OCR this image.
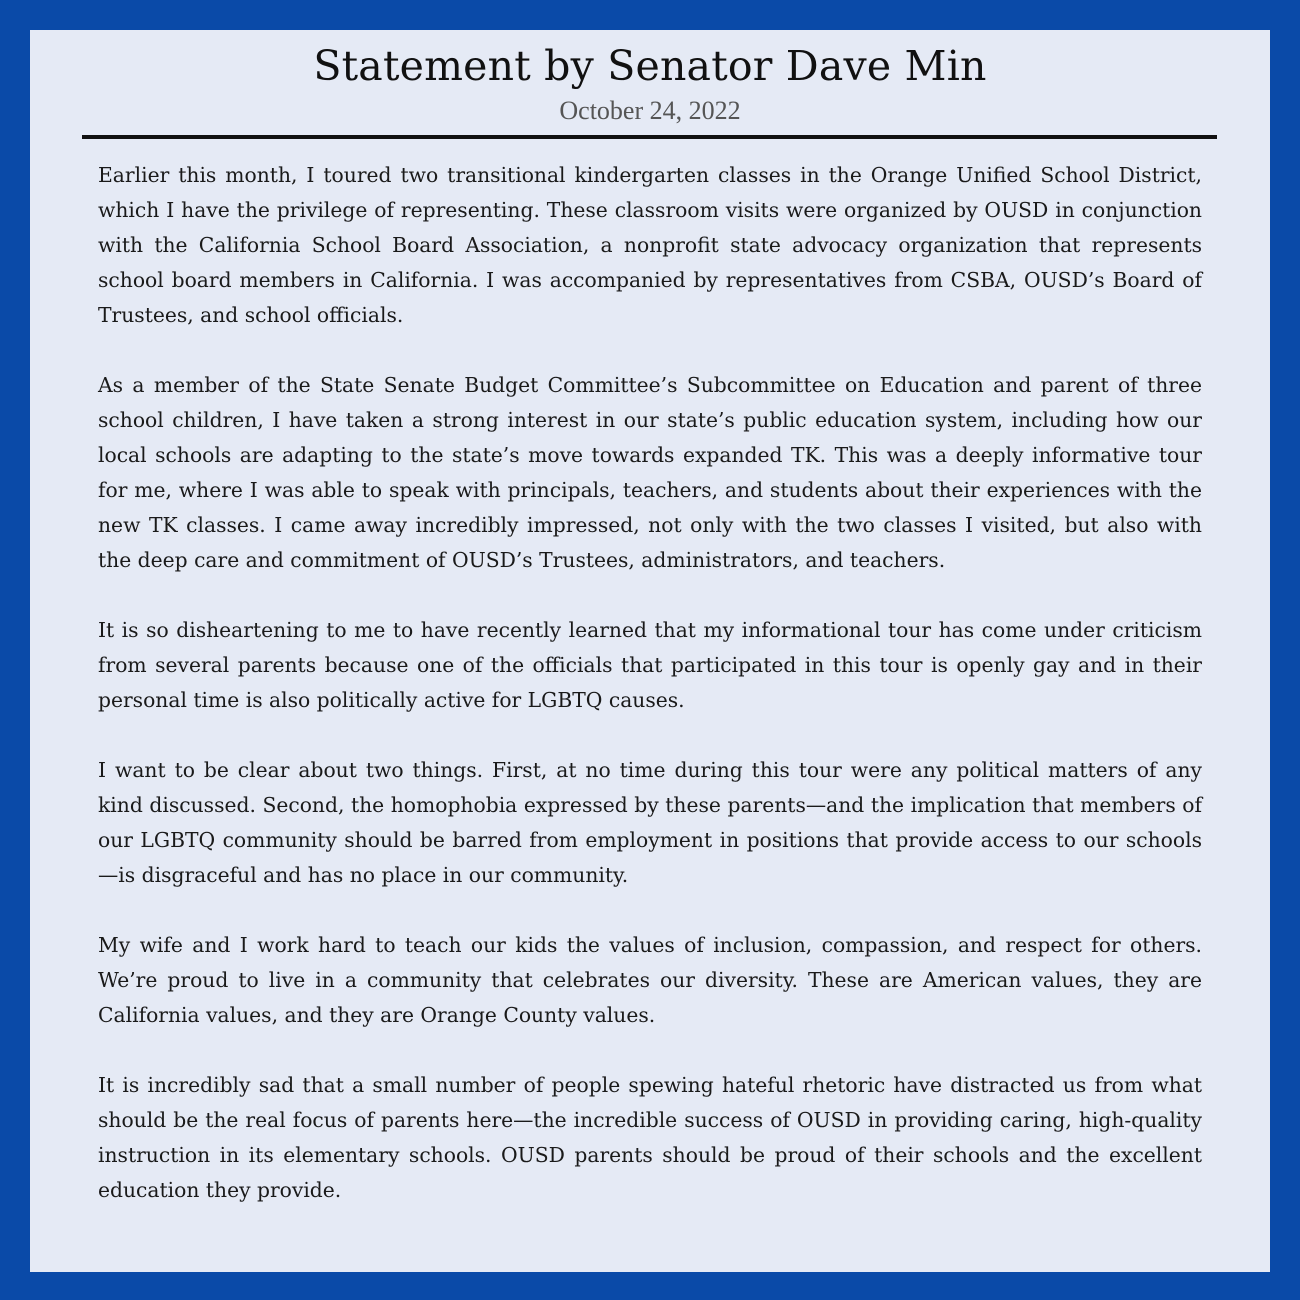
Statement by Senator Dave Min
October 24, 2022

Earlier this month, I toured two transitional kindergarten classes in the Orange Unified School District, which I have the privilege of representing. These classroom visits were organized by OUSD in conjunction with the California School Board Association, a nonprofit state advocacy organization that represents school board members in California. I was accompanied by representatives from CSBA, OUSD’s Board of Trustees, and school officials.

As a member of the State Senate Budget Committee’s Subcommittee on Education and parent of three school children, I have taken a strong interest in our state’s public education system, including how our local schools are adapting to the state’s move towards expanded TK. This was a deeply informative tour for me, where I was able to speak with principals, teachers, and students about their experiences with the new TK classes. I came away incredibly impressed, not only with the two classes I visited, but also with the deep care and commitment of OUSD’s Trustees, administrators, and teachers.

It is so disheartening to me to have recently learned that my informational tour has come under criticism from several parents because one of the officials that participated in this tour is openly gay and in their personal time is also politically active for LGBTQ causes.

I want to be clear about two things. First, at no time during this tour were any political matters of any kind discussed. Second, the homophobia expressed by these parents—and the implication that members of our LGBTQ community should be barred from employment in positions that provide access to our schools—is disgraceful and has no place in our community.

My wife and I work hard to teach our kids the values of inclusion, compassion, and respect for others. We’re proud to live in a community that celebrates our diversity. These are American values, they are California values, and they are Orange County values.

It is incredibly sad that a small number of people spewing hateful rhetoric have distracted us from what should be the real focus of parents here—the incredible success of OUSD in providing caring, high-quality instruction in its elementary schools. OUSD parents should be proud of their schools and the excellent education they provide.
